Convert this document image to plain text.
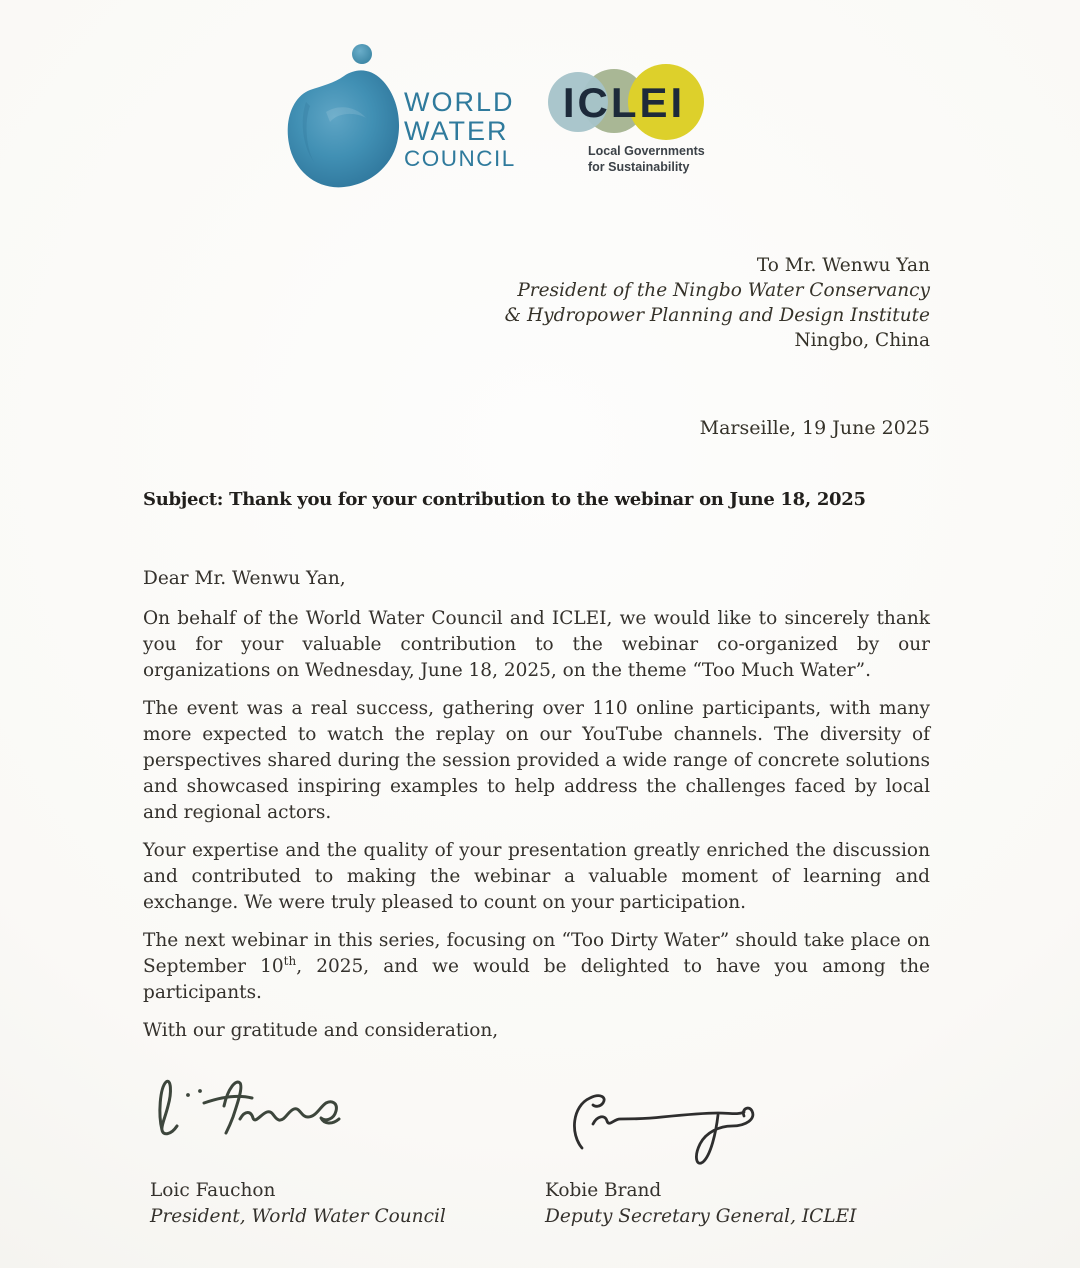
WORLD
WATER
COUNCIL
ICLEI
Local Governments
for Sustainability
To Mr. Wenwu Yan
President of the Ningbo Water Conservancy
& Hydropower Planning and Design Institute
Ningbo, China
Marseille, 19 June 2025
Subject: Thank you for your contribution to the webinar on June 18, 2025
Dear Mr. Wenwu Yan,

On behalf of the World Water Council and ICLEI, we would like to sincerely thank you for your valuable contribution to the webinar co-organized by our organizations on Wednesday, June 18, 2025, on the theme “Too Much Water”.

The event was a real success, gathering over 110 online participants, with many more expected to watch the replay on our YouTube channels. The diversity of perspectives shared during the session provided a wide range of concrete solutions and showcased inspiring examples to help address the challenges faced by local and regional actors.

Your expertise and the quality of your presentation greatly enriched the discussion and contributed to making the webinar a valuable moment of learning and exchange. We were truly pleased to count on your participation.

The next webinar in this series, focusing on “Too Dirty Water” should take place on September 10th, 2025, and we would be delighted to have you among the participants.

With our gratitude and consideration,

Loic Fauchon
President, World Water Council
Kobie Brand
Deputy Secretary General, ICLEI
